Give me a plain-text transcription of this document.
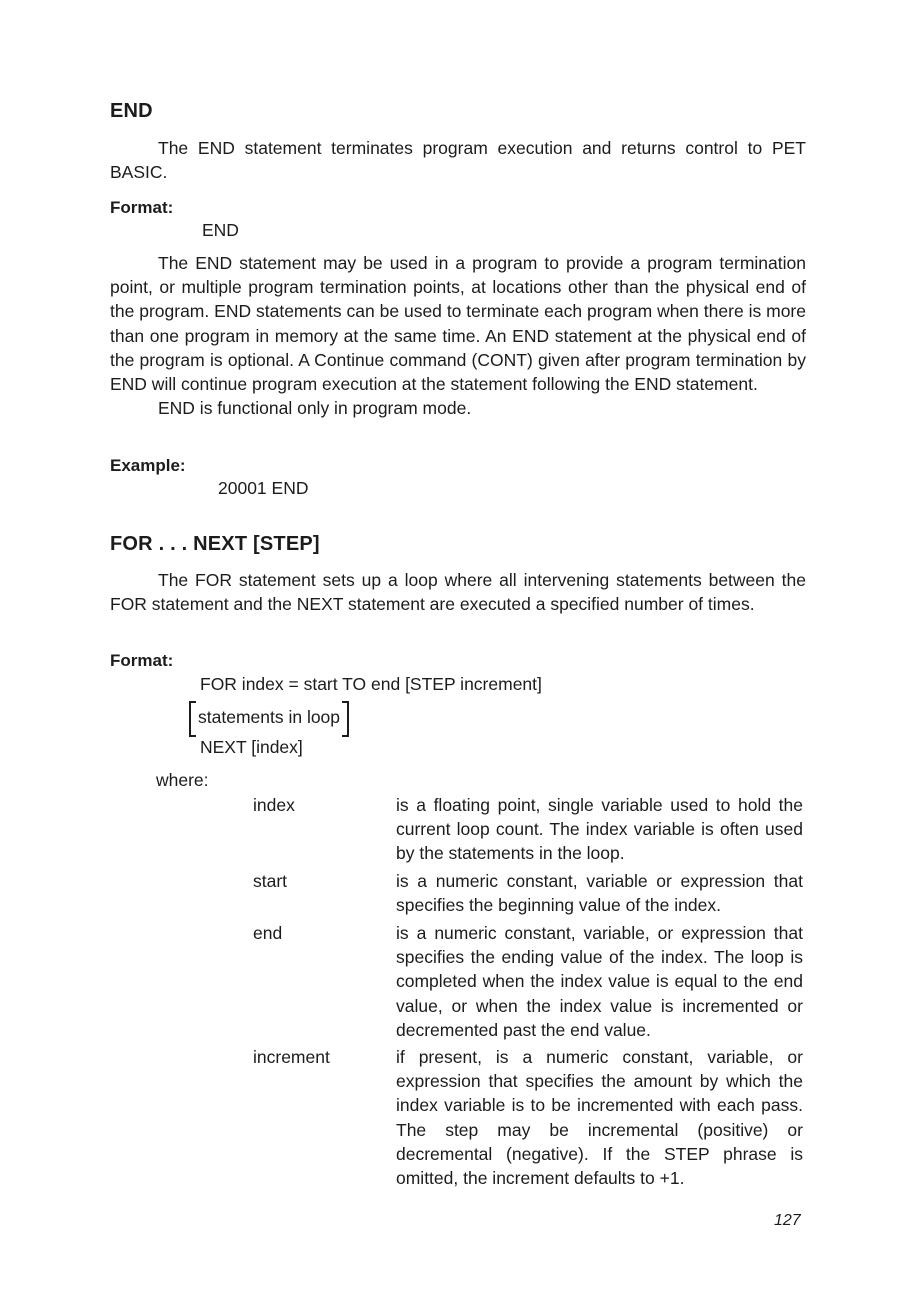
END

The END statement terminates program execution and returns control to PET BASIC.

Format:
END

The END statement may be used in a program to provide a program termination point, or multiple program termination points, at locations other than the physical end of the program. END statements can be used to terminate each program when there is more than one program in memory at the same time. An END statement at the physical end of the program is optional. A Continue command (CONT) given after program termination by END will continue program execution at the statement following the END statement.

END is functional only in program mode.

Example:
20001 END
FOR . . . NEXT [STEP]

The FOR statement sets up a loop where all intervening statements between the FOR statement and the NEXT statement are executed a specified number of times.

Format:
FOR index = start TO end [STEP increment]
statements in loop
NEXT [index]
where:
index	is a floating point, single variable used to hold the current loop count. The index variable is often used by the statements in the loop.
start	is a numeric constant, variable or expression that specifies the beginning value of the index.
end	is a numeric constant, variable, or expression that specifies the ending value of the index. The loop is completed when the index value is equal to the end value, or when the index value is incremented or decremented past the end value.
increment	if present, is a numeric constant, variable, or expression that specifies the amount by which the index variable is to be incremented with each pass. The step may be incremental (positive) or decremental (negative). If the STEP phrase is omitted, the increment defaults to +1.
127
